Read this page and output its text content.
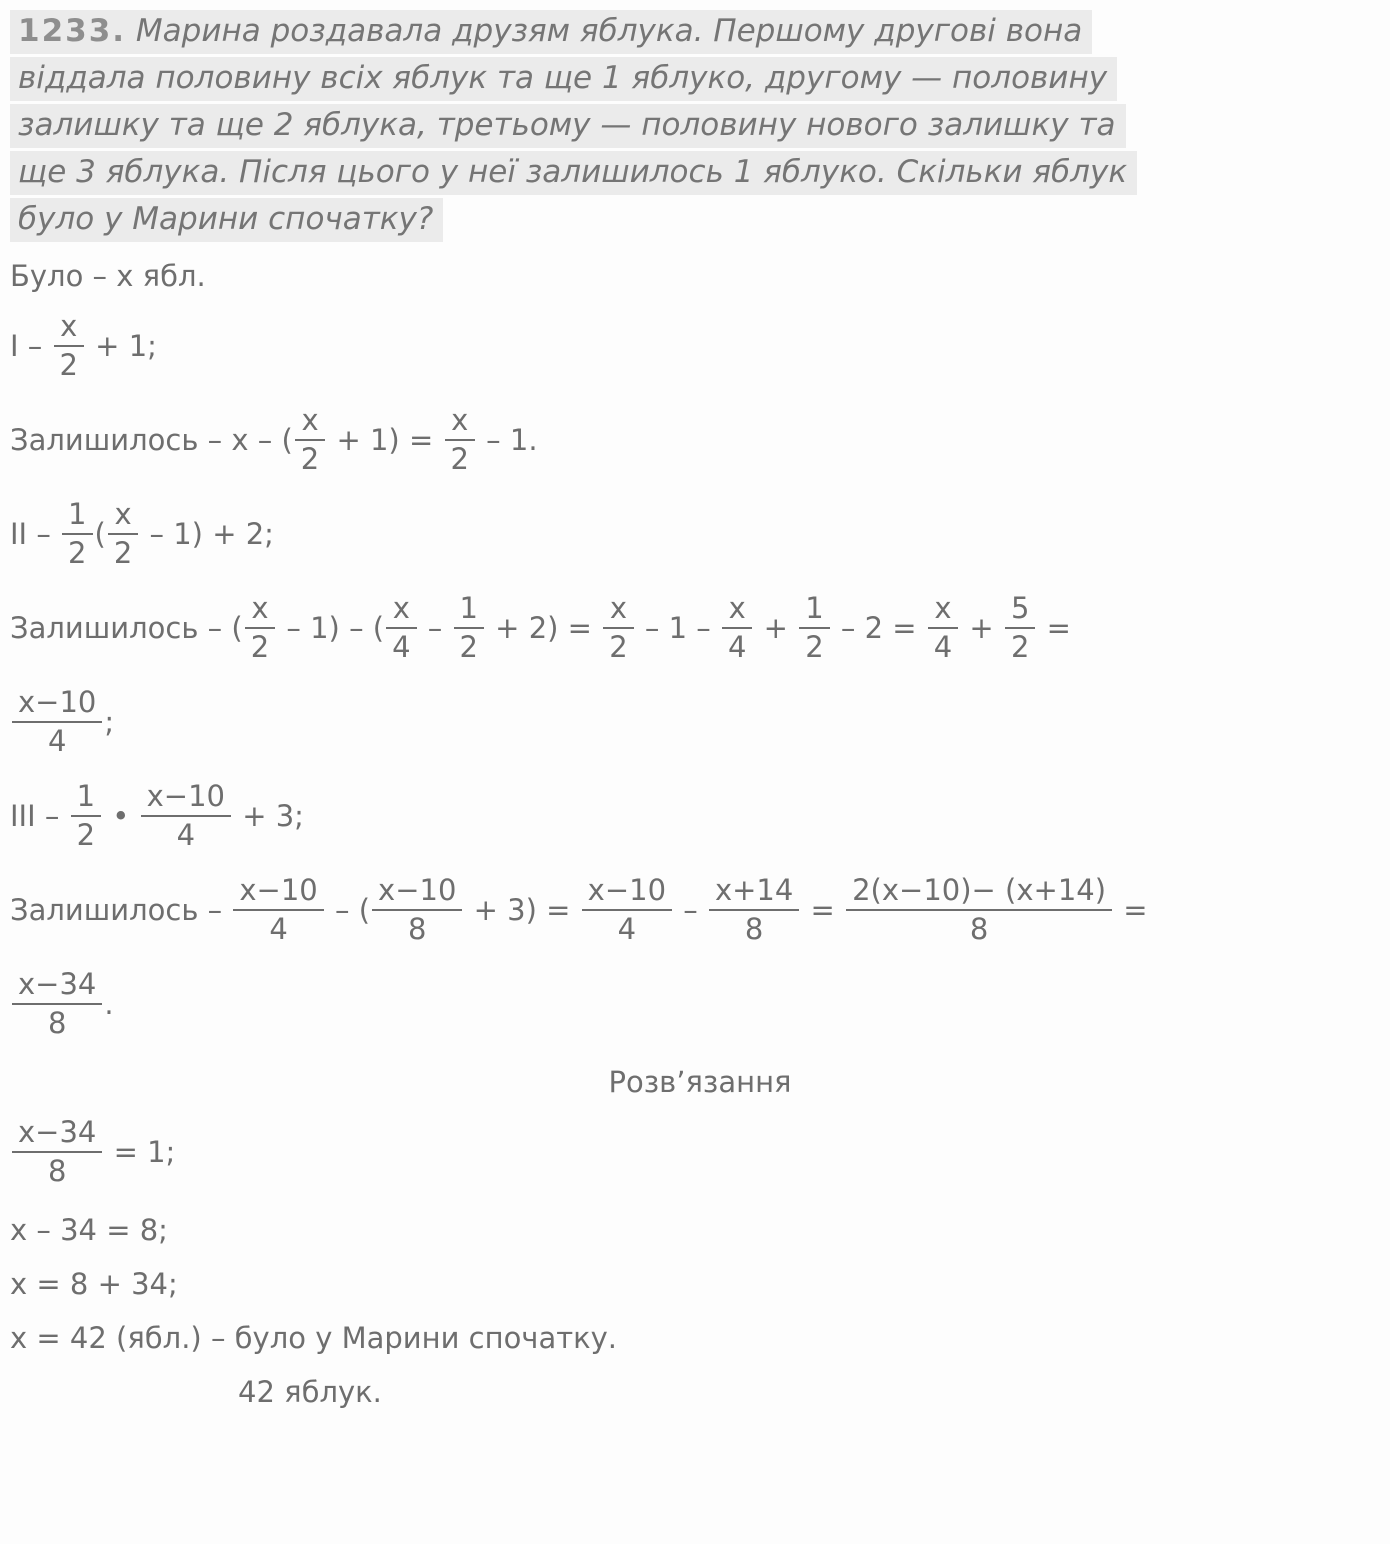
1233. Марина роздавала друзям яблука. Першому другові вона
віддала половину всіх яблук та ще 1 яблуко, другому — половину
залишку та ще 2 яблука, третьому — половину нового залишку та
ще 3 яблука. Після цього у неї залишилось 1 яблуко. Скільки яблук
було у Марини спочатку?
Було – х ябл.
$I - \frac{х}{2} + 1$;
Залишилось – х – ( $\frac{х}{2} + 1) = \frac{х}{2} - 1$.
II – $\frac{1}{2}$ ( $\frac{х}{2} - 1) + 2$;
Залишилось – ( $\frac{х}{2} - 1$) – ( $\frac{х}{4} - \frac{1}{2} + 2) = \frac{х}{2} - 1 - \frac{х}{4} + \frac{1}{2} - 2 = \frac{х}{4} + \frac{5}{2}$ =
$\frac{х-10}{4}$ ;
III – $\frac{1}{2}$ • $\frac{х-10}{4} + 3$;
Залишилось – $\frac{х-10}{4}$ – ( $\frac{х-10}{8} + 3) = \frac{х-10}{4} - \frac{х+14}{8} = \frac{2(х-10)- (х+14)}{8}$ =
$\frac{х-34}{8}$ .
Розв’язання
$\frac{х-34}{8} = 1$;
х – 34 = 8;
х = 8 + 34;
х = 42 (ябл.) – було у Марини спочатку.
42 яблук.
